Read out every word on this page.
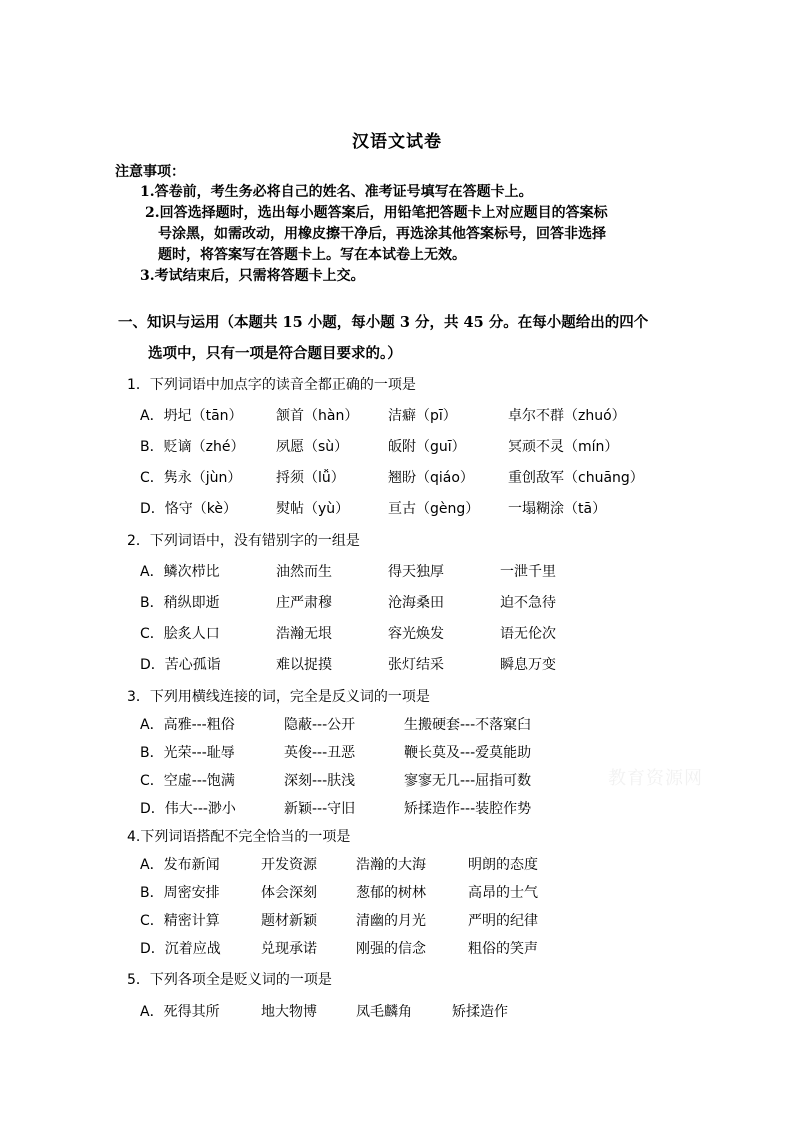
汉语文试卷
注意事项：
1.答卷前，考生务必将自己的姓名、准考证号填写在答题卡上。
2.回答选择题时，选出每小题答案后，用铅笔把答题卡上对应题目的答案标
号涂黑，如需改动，用橡皮擦干净后，再选涂其他答案标号，回答非选择
题时，将答案写在答题卡上。写在本试卷上无效。
3.考试结束后，只需将答题卡上交。
一、知识与运用（本题共 15 小题，每小题 3 分，共 45 分。在每小题给出的四个
选项中，只有一项是符合题目要求的。）
1．下列词语中加点字的读音全都正确的一项是
A．坍圮（tān） 颔首（hàn） 洁癖（pī）	卓尔不群（zhuó）
B．贬谪（zhé） 夙愿（sù）	皈附（guī）	冥顽不灵（mín）
C．隽永（jùn） 捋须（lǚ）	翘盼（qiáo） 重创敌军（chuāng）
D．恪守（kè）	熨帖（yù）	亘古（gèng） 一塌糊涂（tā）
2．下列词语中，没有错别字的一组是
A．鳞次栉比	油然而生	得天独厚	一泄千里
B．稍纵即逝	庄严肃穆	沧海桑田	迫不急待
C．脍炙人口	浩瀚无垠	容光焕发	语无伦次
D．苦心孤诣	难以捉摸	张灯结采	瞬息万变
3．下列用横线连接的词，完全是反义词的一项是
A．高雅---粗俗	隐蔽---公开	生搬硬套---不落窠臼
B．光荣---耻辱	英俊---丑恶	鞭长莫及---爱莫能助
C．空虚---饱满	深刻---肤浅	寥寥无几---屈指可数
D．伟大---渺小	新颖---守旧	矫揉造作---装腔作势
4.下列词语搭配不完全恰当的一项是
A．发布新闻	开发资源	浩瀚的大海	明朗的态度
B．周密安排	体会深刻	葱郁的树林	高昂的士气
C．精密计算	题材新颖	清幽的月光	严明的纪律
D．沉着应战	兑现承诺	刚强的信念	粗俗的笑声
5．下列各项全是贬义词的一项是
A．死得其所	地大物博	凤毛麟角	矫揉造作
教育资源网
